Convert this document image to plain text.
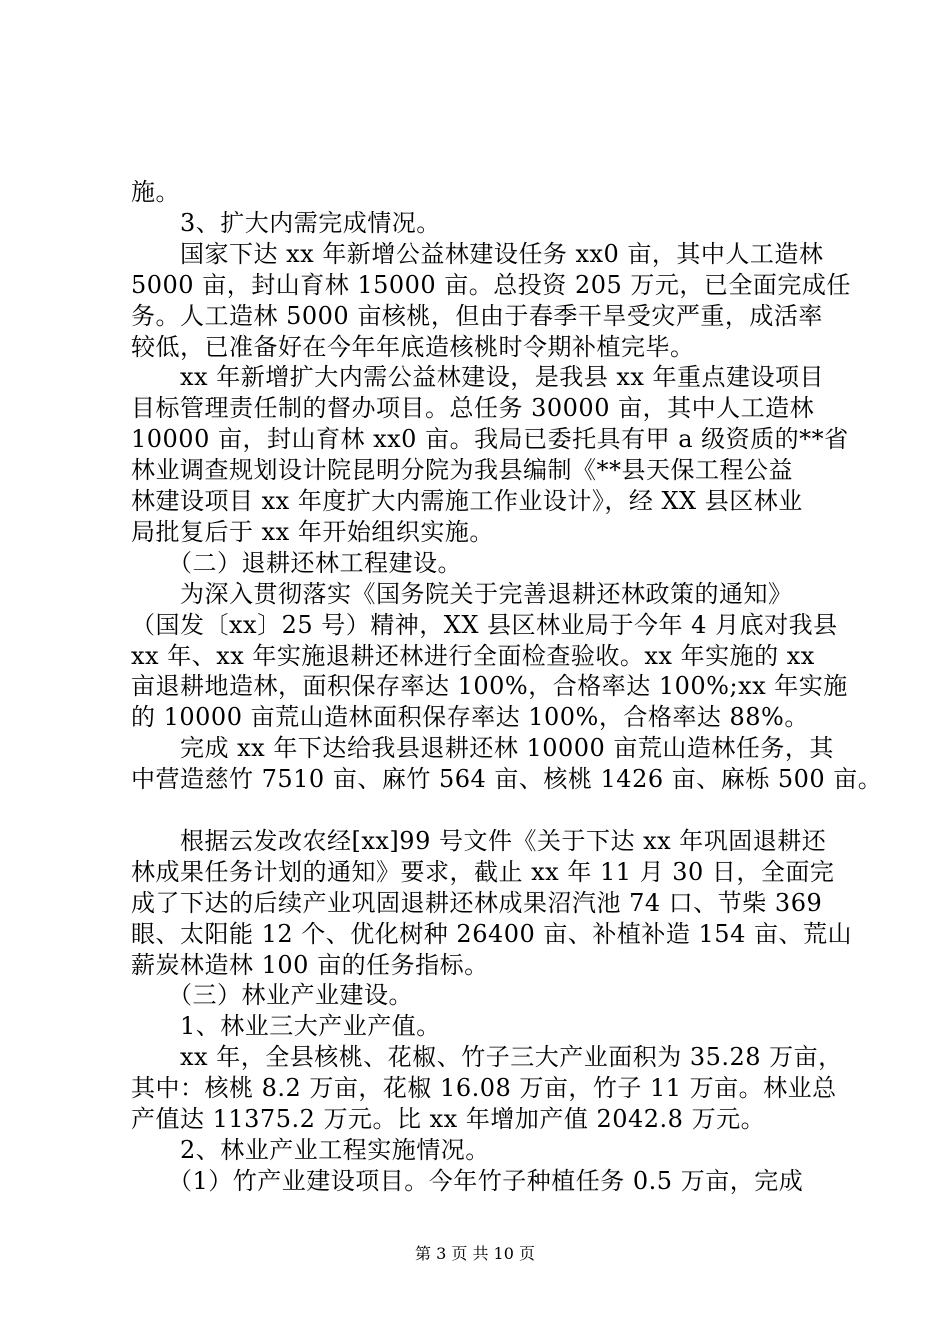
施。
　　3、扩大内需完成情况。
　　国家下达 xx 年新增公益林建设任务 xx0 亩，其中人工造林
5000 亩，封山育林 15000 亩。总投资 205 万元，已全面完成任
务。人工造林 5000 亩核桃，但由于春季干旱受灾严重，成活率
较低，已准备好在今年年底造核桃时令期补植完毕。
　　xx 年新增扩大内需公益林建设，是我县 xx 年重点建设项目
目标管理责任制的督办项目。总任务 30000 亩，其中人工造林
10000 亩，封山育林 xx0 亩。我局已委托具有甲 a 级资质的**省
林业调查规划设计院昆明分院为我县编制《**县天保工程公益
林建设项目 xx 年度扩大内需施工作业设计》，经 XX 县区林业
局批复后于 xx 年开始组织实施。
　　（二）退耕还林工程建设。
　　为深入贯彻落实《国务院关于完善退耕还林政策的通知》
（国发〔xx〕25 号）精神，XX 县区林业局于今年 4 月底对我县
xx 年、xx 年实施退耕还林进行全面检查验收。xx 年实施的 xx
亩退耕地造林，面积保存率达 100%，合格率达 100%;xx 年实施
的 10000 亩荒山造林面积保存率达 100%，合格率达 88%。
　　完成 xx 年下达给我县退耕还林 10000 亩荒山造林任务，其
中营造慈竹 7510 亩、麻竹 564 亩、核桃 1426 亩、麻栎 500 亩。
　　根据云发改农经[xx]99 号文件《关于下达 xx 年巩固退耕还
林成果任务计划的通知》要求，截止 xx 年 11 月 30 日，全面完
成了下达的后续产业巩固退耕还林成果沼汽池 74 口、节柴 369
眼、太阳能 12 个、优化树种 26400 亩、补植补造 154 亩、荒山
薪炭林造林 100 亩的任务指标。
　　（三）林业产业建设。
　　1、林业三大产业产值。
　　xx 年，全县核桃、花椒、竹子三大产业面积为 35.28 万亩，
其中：核桃 8.2 万亩，花椒 16.08 万亩，竹子 11 万亩。林业总
产值达 11375.2 万元。比 xx 年增加产值 2042.8 万元。
　　2、林业产业工程实施情况。
　　（1）竹产业建设项目。今年竹子种植任务 0.5 万亩，完成
第 3 页 共 10 页
